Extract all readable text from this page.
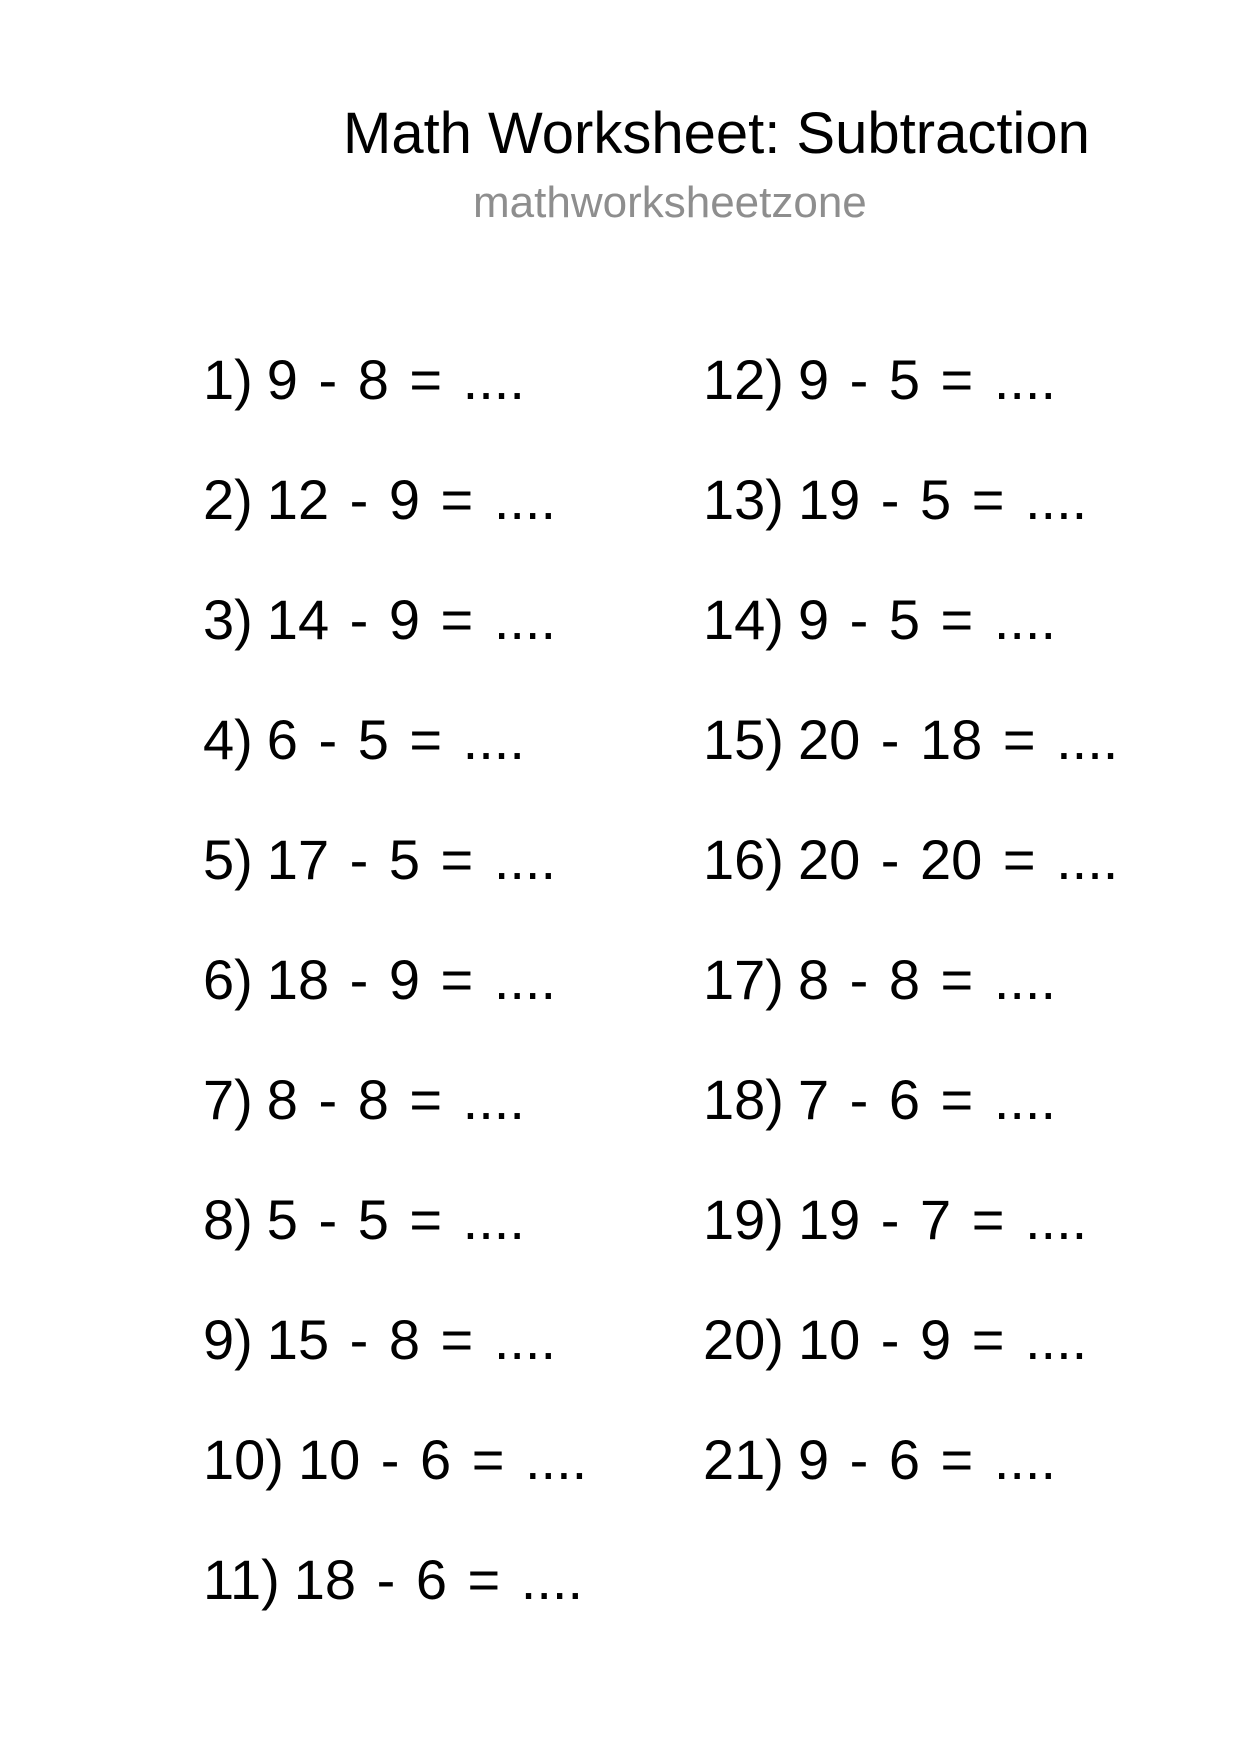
Math Worksheet: Subtraction
mathworksheetzone
1) 9 - 8 = ....
2) 12 - 9 = ....
3) 14 - 9 = ....
4) 6 - 5 = ....
5) 17 - 5 = ....
6) 18 - 9 = ....
7) 8 - 8 = ....
8) 5 - 5 = ....
9) 15 - 8 = ....
10) 10 - 6 = ....
11) 18 - 6 = ....
12) 9 - 5 = ....
13) 19 - 5 = ....
14) 9 - 5 = ....
15) 20 - 18 = ....
16) 20 - 20 = ....
17) 8 - 8 = ....
18) 7 - 6 = ....
19) 19 - 7 = ....
20) 10 - 9 = ....
21) 9 - 6 = ....
